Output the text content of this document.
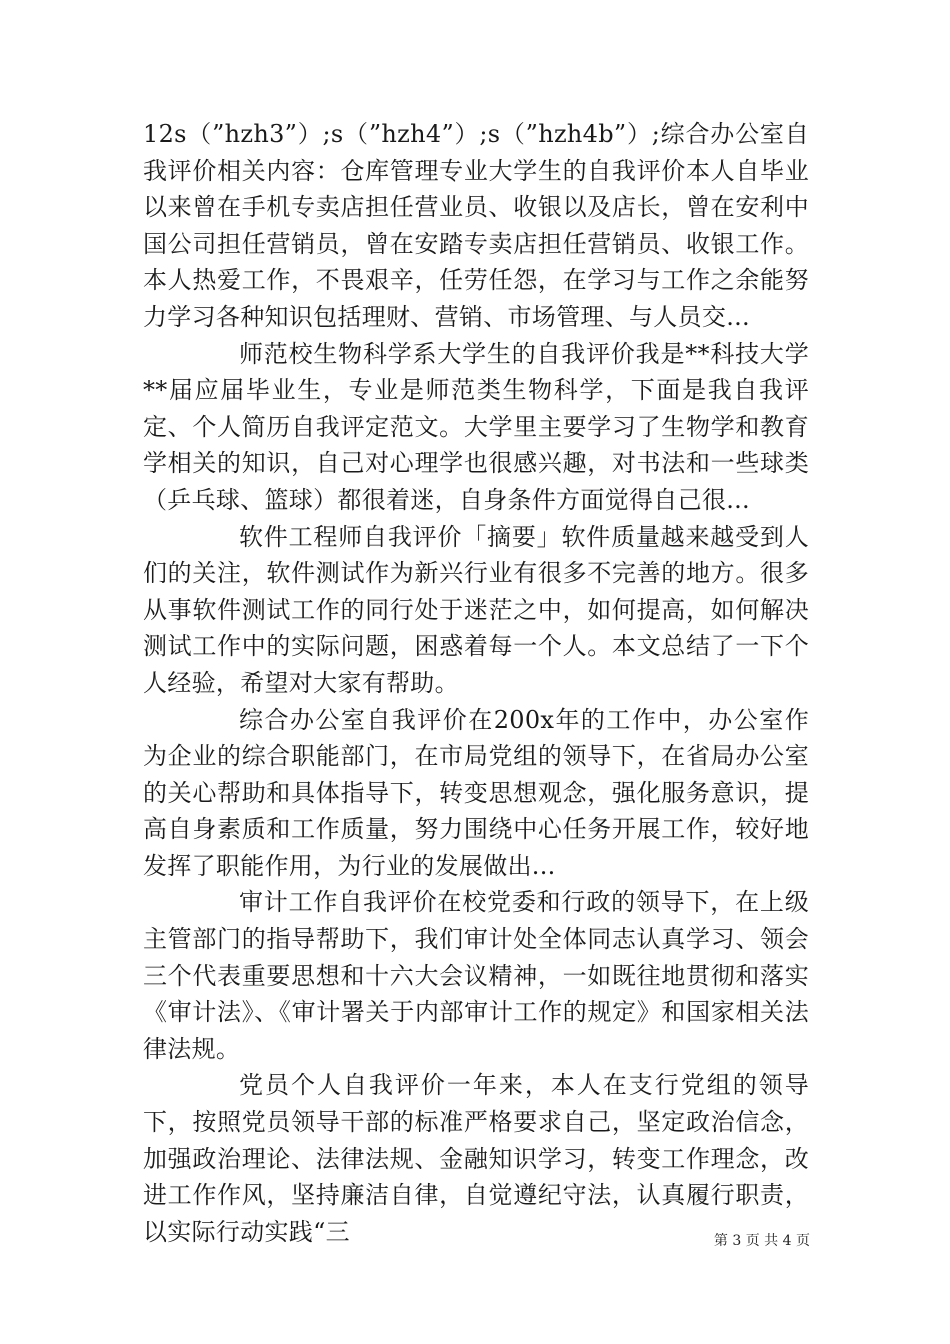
12s（”hzh3”）;s（”hzh4”）;s（”hzh4b”）;综合办公室自我评价相关内容：仓库管理专业大学生的自我评价本人自毕业以来曾在手机专卖店担任营业员、收银以及店长，曾在安利中国公司担任营销员，曾在安踏专卖店担任营销员、收银工作。本人热爱工作，不畏艰辛，任劳任怨，在学习与工作之余能努力学习各种知识包括理财、营销、市场管理、与人员交...

师范校生物科学系大学生的自我评价我是**科技大学**届应届毕业生，专业是师范类生物科学，下面是我自我评定、个人简历自我评定范文。大学里主要学习了生物学和教育学相关的知识，自己对心理学也很感兴趣，对书法和一些球类（乒乓球、篮球）都很着迷，自身条件方面觉得自己很...

软件工程师自我评价「摘要」软件质量越来越受到人们的关注，软件测试作为新兴行业有很多不完善的地方。很多从事软件测试工作的同行处于迷茫之中，如何提高，如何解决测试工作中的实际问题，困惑着每一个人。本文总结了一下个人经验，希望对大家有帮助。

综合办公室自我评价在200x年的工作中，办公室作为企业的综合职能部门，在市局党组的领导下，在省局办公室的关心帮助和具体指导下，转变思想观念，强化服务意识，提高自身素质和工作质量，努力围绕中心任务开展工作，较好地发挥了职能作用，为行业的发展做出...

审计工作自我评价在校党委和行政的领导下，在上级主管部门的指导帮助下，我们审计处全体同志认真学习、领会三个代表重要思想和十六大会议精神，一如既往地贯彻和落实《审计法》、《审计署关于内部审计工作的规定》和国家相关法律法规。

党员个人自我评价一年来，本人在支行党组的领导下，按照党员领导干部的标准严格要求自己，坚定政治信念，加强政治理论、法律法规、金融知识学习，转变工作理念，改进工作作风，坚持廉洁自律，自觉遵纪守法，认真履行职责，以实际行动实践“三	第 3 页 共 4 页
